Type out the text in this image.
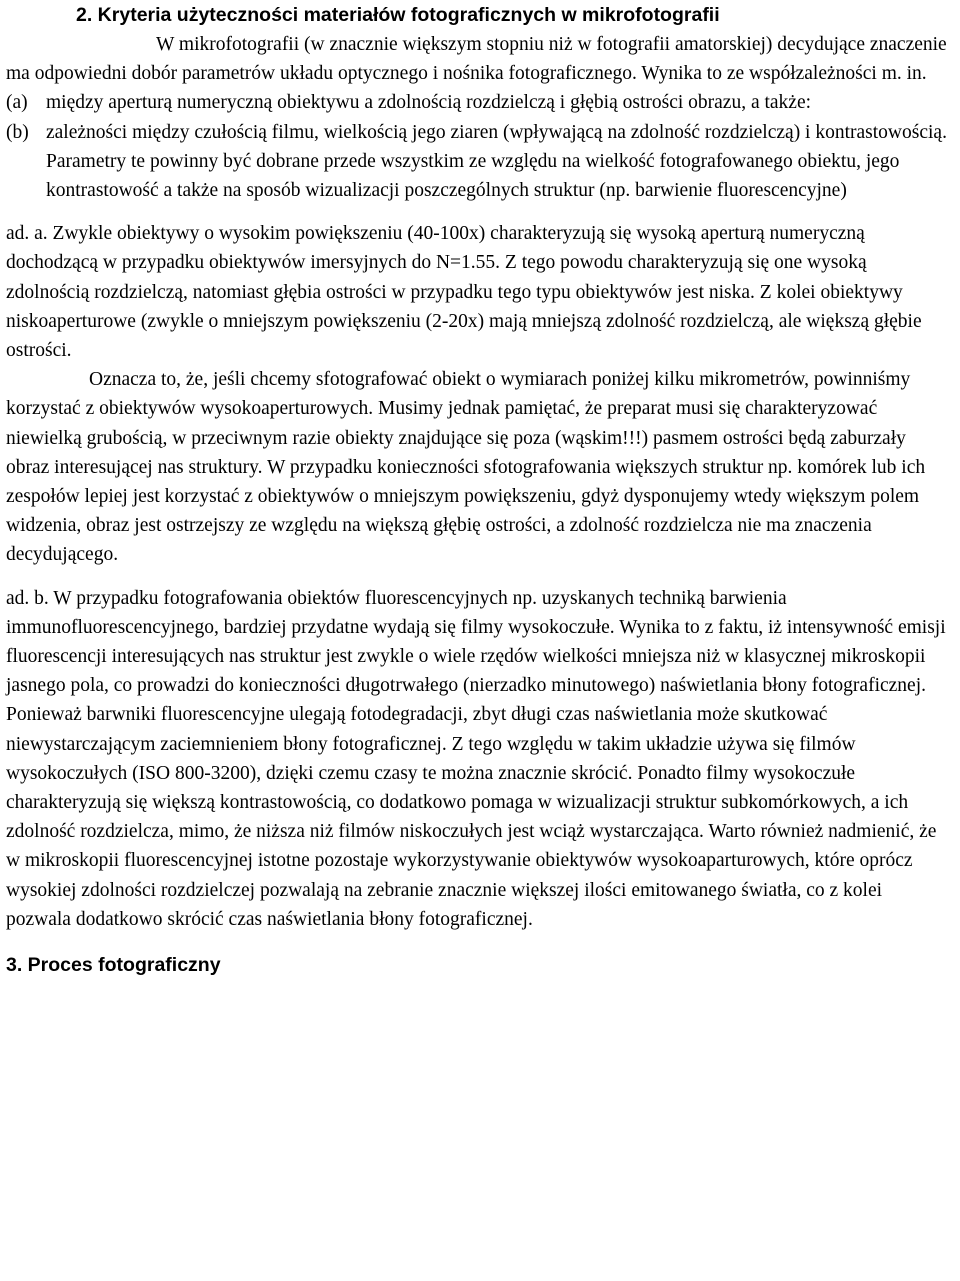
2. Kryteria użyteczności materiałów fotograficznych w mikrofotografii

W mikrofotografii (w znacznie większym stopniu niż w fotografii amatorskiej) decydujące znaczenie ma odpowiedni dobór parametrów układu optycznego i nośnika fotograficznego. Wynika to ze współzależności m. in.

(a) między aperturą numeryczną obiektywu a zdolnością rozdzielczą i głębią ostrości obrazu, a także:
(b) zależności między czułością filmu, wielkością jego ziaren (wpływającą na zdolność rozdzielczą) i kontrastowością. Parametry te powinny być dobrane przede wszystkim ze względu na wielkość fotografowanego obiektu, jego kontrastowość a także na sposób wizualizacji poszczególnych struktur (np. barwienie fluorescencyjne)

ad. a. Zwykle obiektywy o wysokim powiększeniu (40-100x) charakteryzują się wysoką aperturą numeryczną dochodzącą w przypadku obiektywów imersyjnych do N=1.55. Z tego powodu charakteryzują się one wysoką zdolnością rozdzielczą, natomiast głębia ostrości w przypadku tego typu obiektywów jest niska. Z kolei obiektywy niskoaperturowe (zwykle o mniejszym powiększeniu (2-20x) mają mniejszą zdolność rozdzielczą, ale większą głębie ostrości.

Oznacza to, że, jeśli chcemy sfotografować obiekt o wymiarach poniżej kilku mikrometrów, powinniśmy korzystać z obiektywów wysokoaperturowych. Musimy jednak pamiętać, że preparat musi się charakteryzować niewielką grubością, w przeciwnym razie obiekty znajdujące się poza (wąskim!!!) pasmem ostrości będą zaburzały obraz interesującej nas struktury. W przypadku konieczności sfotografowania większych struktur np. komórek lub ich zespołów lepiej jest korzystać z obiektywów o mniejszym powiększeniu, gdyż dysponujemy wtedy większym polem widzenia, obraz jest ostrzejszy ze względu na większą głębię ostrości, a zdolność rozdzielcza nie ma znaczenia decydującego.

ad. b. W przypadku fotografowania obiektów fluorescencyjnych np. uzyskanych techniką barwienia immunofluorescencyjnego, bardziej przydatne wydają się filmy wysokoczułe. Wynika to z faktu, iż intensywność emisji fluorescencji interesujących nas struktur jest zwykle o wiele rzędów wielkości mniejsza niż w klasycznej mikroskopii jasnego pola, co prowadzi do konieczności długotrwałego (nierzadko minutowego) naświetlania błony fotograficznej. Ponieważ barwniki fluorescencyjne ulegają fotodegradacji, zbyt długi czas naświetlania może skutkować niewystarczającym zaciemnieniem błony fotograficznej. Z tego względu w takim układzie używa się filmów wysokoczułych (ISO 800-3200), dzięki czemu czasy te można znacznie skrócić. Ponadto filmy wysokoczułe charakteryzują się większą kontrastowością, co dodatkowo pomaga w wizualizacji struktur subkomórkowych, a ich zdolność rozdzielcza, mimo, że niższa niż filmów niskoczułych jest wciąż wystarczająca. Warto również nadmienić, że w mikroskopii fluorescencyjnej istotne pozostaje wykorzystywanie obiektywów wysokoaparturowych, które oprócz wysokiej zdolności rozdzielczej pozwalają na zebranie znacznie większej ilości emitowanego światła, co z kolei pozwala dodatkowo skrócić czas naświetlania błony fotograficznej.

3. Proces fotograficzny
